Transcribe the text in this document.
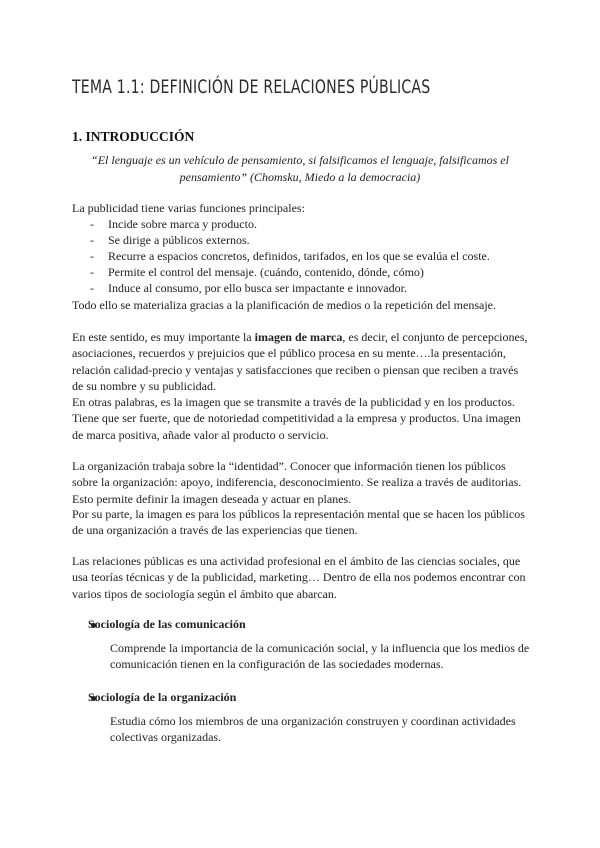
TEMA 1.1: DEFINICIÓN DE RELACIONES PÚBLICAS
1. INTRODUCCIÓN
“El lenguaje es un vehículo de pensamiento, si falsificamos el lenguaje, falsificamos el pensamiento” (Chomsku, Miedo a la democracia)
La publicidad tiene varias funciones principales:
- Incide sobre marca y producto.
- Se dirige a públicos externos.
- Recurre a espacios concretos, definidos, tarifados, en los que se evalúa el coste.
- Permite el control del mensaje. (cuándo, contenido, dónde, cómo)
- Induce al consumo, por ello busca ser impactante e innovador.
Todo ello se materializa gracias a la planificación de medios o la repetición del mensaje.
En este sentido, es muy importante la imagen de marca, es decir, el conjunto de percepciones, asociaciones, recuerdos y prejuicios que el público procesa en su mente….la presentación, relación calidad-precio y ventajas y satisfacciones que reciben o piensan que reciben a través de su nombre y su publicidad.
En otras palabras, es la imagen que se transmite a través de la publicidad y en los productos. Tiene que ser fuerte, que de notoriedad competitividad a la empresa y productos. Una imagen de marca positiva, añade valor al producto o servicio.
La organización trabaja sobre la “identidad”. Conocer que información tienen los públicos sobre la organización: apoyo, indiferencia, desconocimiento. Se realiza a través de auditorias. Esto permite definir la imagen deseada y actuar en planes.
Por su parte, la imagen es para los públicos la representación mental que se hacen los públicos de una organización a través de las experiencias que tienen.
Las relaciones públicas es una actividad profesional en el ámbito de las ciencias sociales, que usa teorías técnicas y de la publicidad, marketing… Dentro de ella nos podemos encontrar con varios tipos de sociología según el ámbito que abarcan.
Sociología de las comunicación
Comprende la importancia de la comunicación social, y la influencia que los medios de comunicación tienen en la configuración de las sociedades modernas.
Sociología de la organización
Estudia cómo los miembros de una organización construyen y coordinan actividades colectivas organizadas.
